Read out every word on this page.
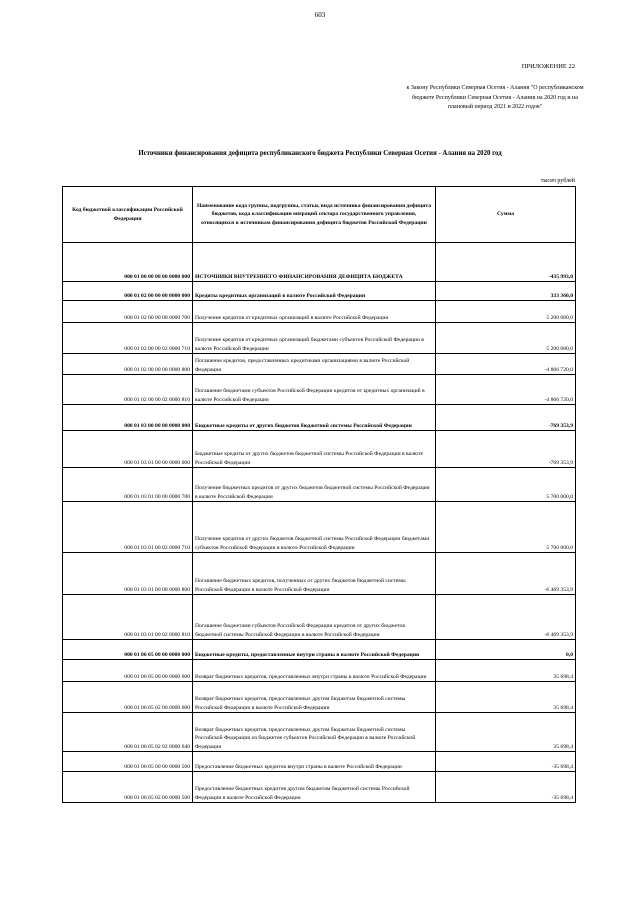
603
ПРИЛОЖЕНИЕ 22
к Закону Республики Северная Осетия - Алания "О республиканском бюджете Республики Северная Осетия - Алания на 2020 год и на плановый период 2021 и 2022 годов"
Источники финансирования дефицита республиканского бюджета Республики Северная Осетия - Алания на 2020 год
тысяч рублей
Код бюджетной классификации Российской Федерации	Наименование кода группы, подгруппы, статьи, вида источника финансирования дефицита бюджетов, кода классификации операций сектора государственного управления, относящихся к источникам финансирования дефицита бюджетов Российской Федерации	Сумма
000 01 00 00 00 00 0000 000	ИСТОЧНИКИ ВНУТРЕННЕГО ФИНАНСИРОВАНИЯ ДЕФИЦИТА БЮДЖЕТА	-435 993,0
000 01 02 00 00 00 0000 000	Кредиты кредитных организаций в валюте Российской Федерации	333 360,0
000 01 02 00 00 00 0000 700	Получение кредитов от кредитных организаций в валюте Российской Федерации	5 200 080,0
000 01 02 00 00 02 0000 710	Получение кредитов от кредитных организаций бюджетами субъектов Российской Федерации в валюте Российской Федерации	5 200 080,0
000 01 02 00 00 00 0000 800	Погашение кредитов, предоставленных кредитными организациями в валюте Российской Федерации	-4 866 720,0
000 01 02 00 00 02 0000 810	Погашение бюджетами субъектов Российской Федерации кредитов от кредитных организаций в валюте Российской Федерации	-4 866 720,0
000 01 03 00 00 00 0000 000	Бюджетные кредиты от других бюджетов бюджетной системы Российской Федерации	-769 353,9
000 01 03 01 00 00 0000 000	Бюджетные кредиты от других бюджетов бюджетной системы Российской Федерации в валюте Российской Федерации	-769 353,9
000 01 03 01 00 00 0000 700	Получение бюджетных кредитов от других бюджетов бюджетной системы Российской Федерации в валюте Российской Федерации	5 700 000,0
000 01 03 01 00 02 0000 710	Получение кредитов от других бюджетов бюджетной системы Российской Федерации бюджетами субъектов Российской Федерации в валюте Российской Федерации	5 700 000,0
000 01 03 01 00 00 0000 800	Погашение бюджетных кредитов, полученных от других бюджетов бюджетной системы Российской Федерации в валюте Российской Федерации	-6 469 353,9
000 01 03 01 00 02 0000 810	Погашение бюджетами субъектов Российской Федерации кредитов от других бюджетов бюджетной системы Российской Федерации в валюте Российской Федерации	-6 469 353,9
000 01 06 05 00 00 0000 000	Бюджетные кредиты, предоставленные внутри страны в валюте Российской Федерации	0,0
000 01 06 05 00 00 0000 600	Возврат бюджетных кредитов, предоставленных внутри страны в валюте Российской Федерации	35 698,4
000 01 06 05 02 00 0000 600	Возврат бюджетных кредитов, предоставленных другим бюджетам бюджетной системы Российской Федерации в валюте Российской Федерации	35 698,4
000 01 06 05 02 02 0000 640	Возврат бюджетных кредитов, предоставленных другим бюджетам бюджетной системы Российской Федерации из бюджетов субъектов Российской Федерации в валюте Российской Федерации	35 698,4
000 01 06 05 00 00 0000 500	Предоставление бюджетных кредитов внутри страны в валюте Российской Федерации	-35 698,4
000 01 06 05 02 00 0000 500	Предоставление бюджетных кредитов другим бюджетам бюджетной системы Российской Федерации в валюте Российской Федерации	-35 698,4
